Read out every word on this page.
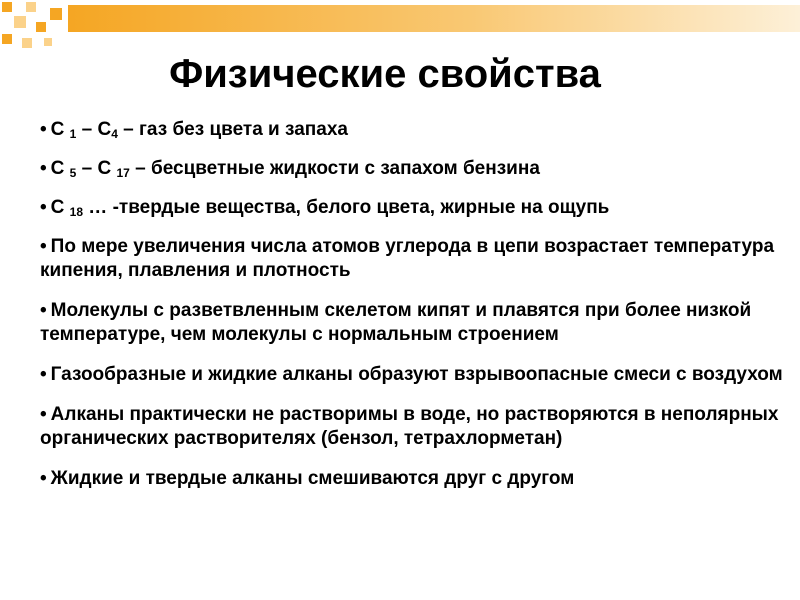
Физические свойства
• С $_1 - С_4$ – газ без цвета и запаха
• С $_5$ – С $_{17}$ – бесцветные жидкости с запахом бензина
• С $_{18}$ … -твердые вещества, белого цвета, жирные на ощупь
• По мере увеличения числа атомов углерода в цепи возрастает температура кипения, плавления и плотность
• Молекулы с разветвленным скелетом кипят и плавятся при более низкой температуре, чем молекулы с нормальным строением
• Газообразные и жидкие алканы образуют взрывоопасные смеси с воздухом
• Алканы практически не растворимы в воде, но растворяются в неполярных органических растворителях (бензол, тетрахлорметан)
• Жидкие и твердые алканы смешиваются друг с другом
